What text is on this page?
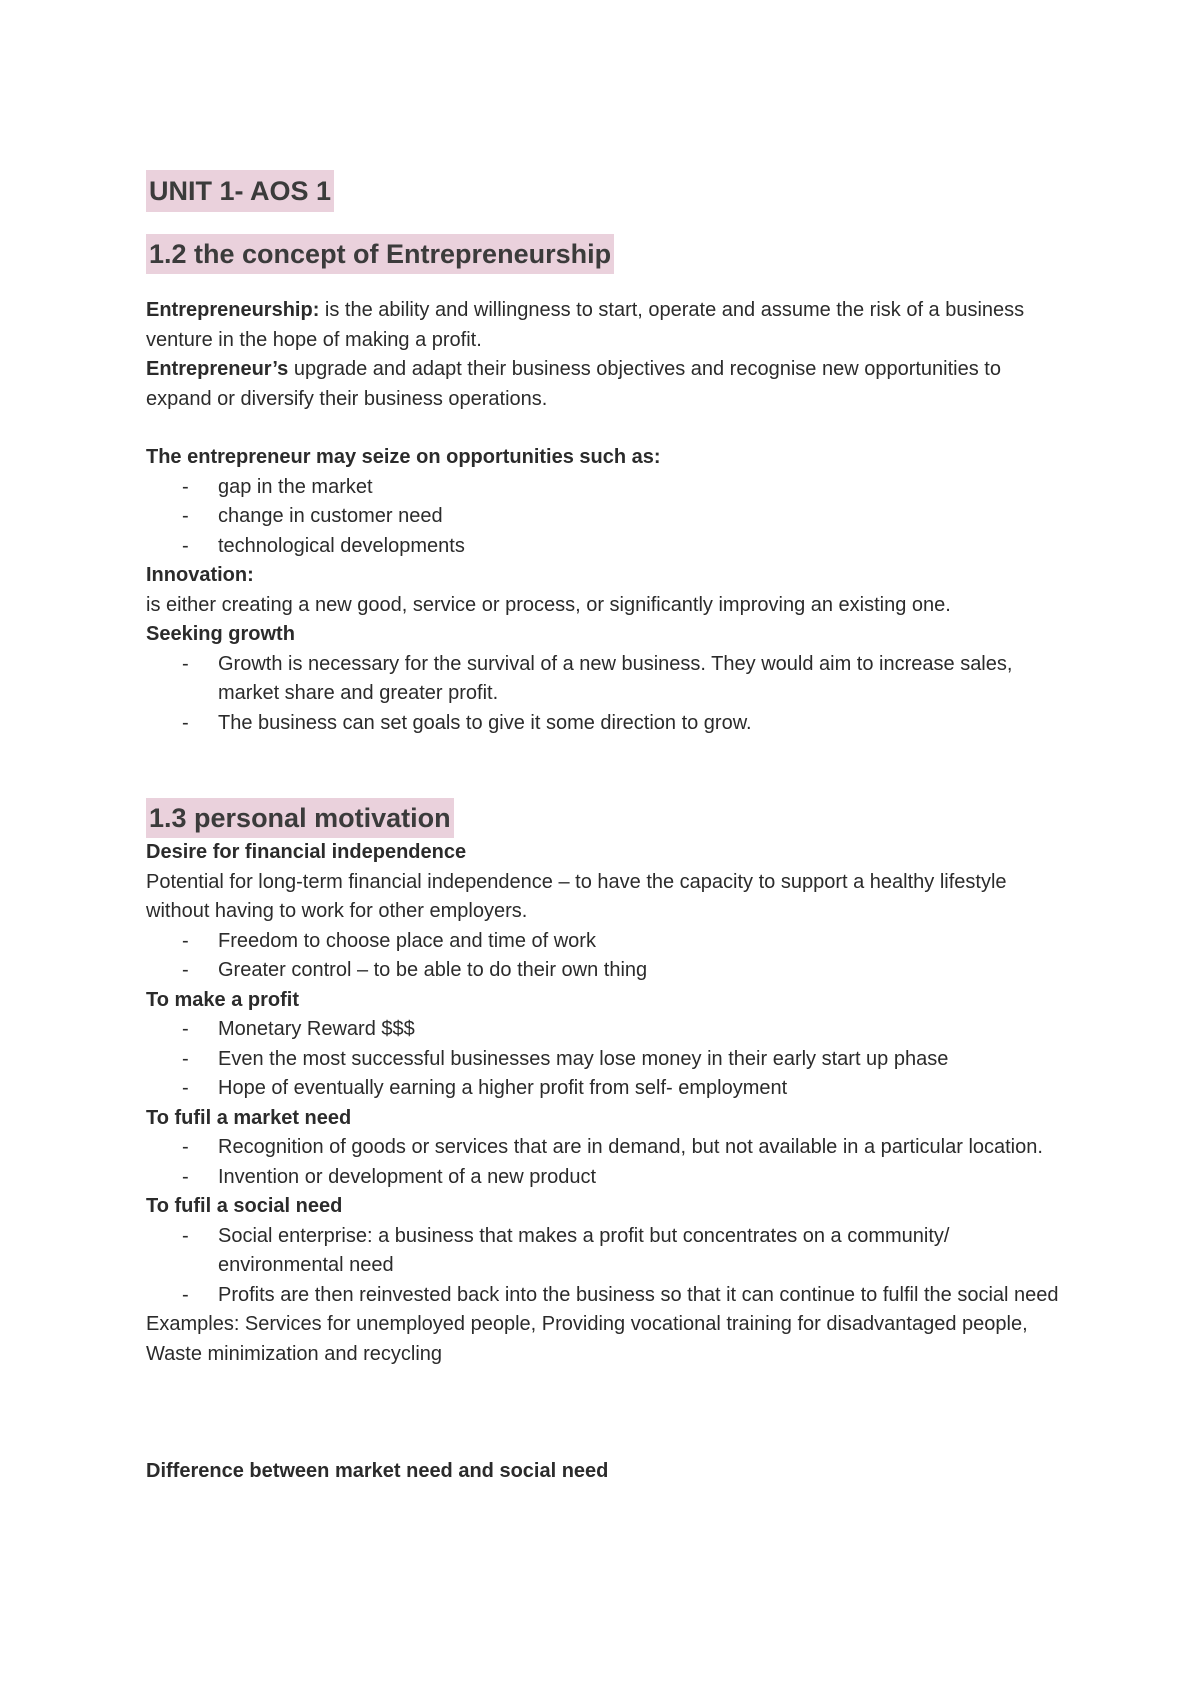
UNIT 1- AOS 1
1.2 the concept of Entrepreneurship

Entrepreneurship: is the ability and willingness to start, operate and assume the risk of a business venture in the hope of making a profit.

Entrepreneur’s upgrade and adapt their business objectives and recognise new opportunities to expand or diversify their business operations.

The entrepreneur may seize on opportunities such as:

- gap in the market
- change in customer need
- technological developments

Innovation:

is either creating a new good, service or process, or significantly improving an existing one.

Seeking growth

- Growth is necessary for the survival of a new business. They would aim to increase sales, market share and greater profit.
- The business can set goals to give it some direction to grow.
1.3 personal motivation

Desire for financial independence

Potential for long-term financial independence – to have the capacity to support a healthy lifestyle without having to work for other employers.

- Freedom to choose place and time of work
- Greater control – to be able to do their own thing

To make a profit

- Monetary Reward $$$
- Even the most successful businesses may lose money in their early start up phase
- Hope of eventually earning a higher profit from self- employment

To fufil a market need

- Recognition of goods or services that are in demand, but not available in a particular location.
- Invention or development of a new product

To fufil a social need

- Social enterprise: a business that makes a profit but concentrates on a community/ environmental need
- Profits are then reinvested back into the business so that it can continue to fulfil the social need

Examples: Services for unemployed people, Providing vocational training for disadvantaged people, Waste minimization and recycling

Difference between market need and social need
